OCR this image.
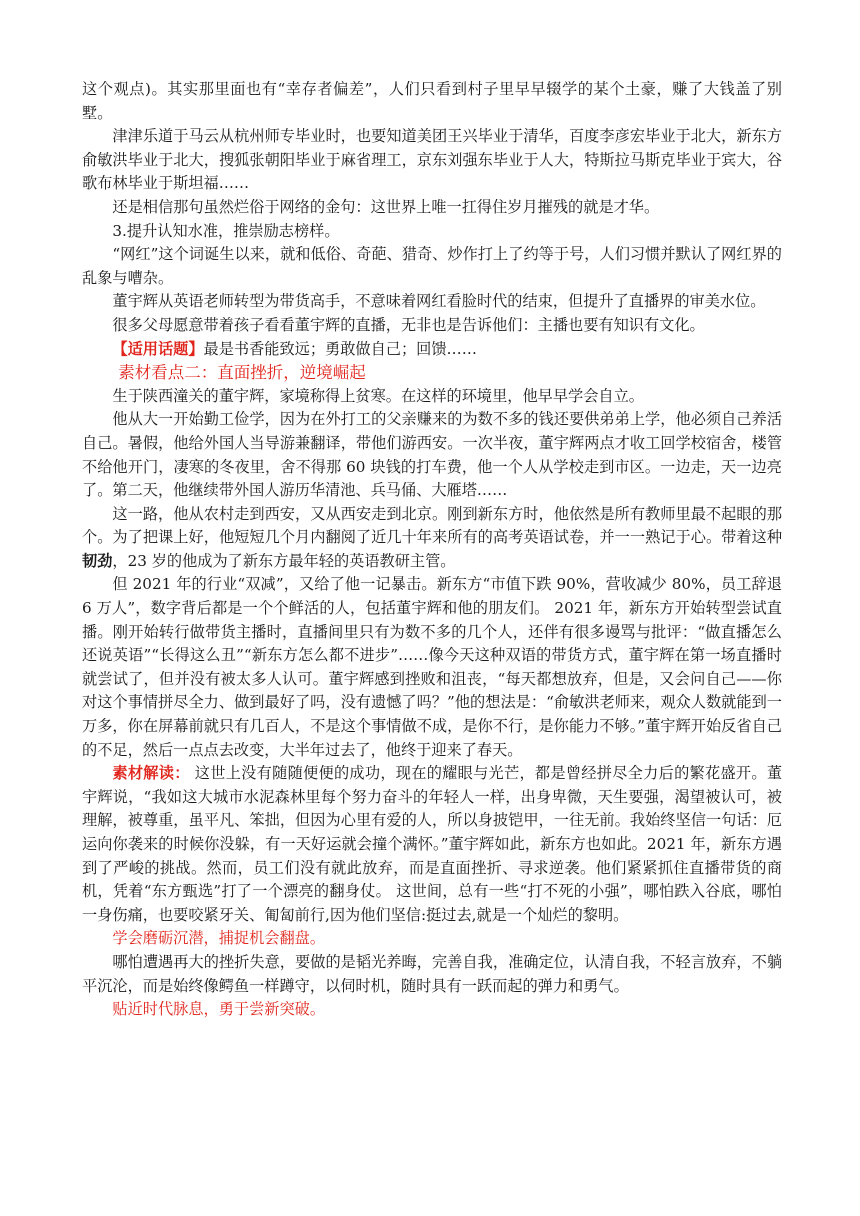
这个观点)。其实那里面也有“幸存者偏差”，人们只看到村子里早早辍学的某个土豪，赚了大钱盖了别墅。

津津乐道于马云从杭州师专毕业时，也要知道美团王兴毕业于清华，百度李彦宏毕业于北大，新东方俞敏洪毕业于北大，搜狐张朝阳毕业于麻省理工，京东刘强东毕业于人大，特斯拉马斯克毕业于宾大，谷歌布林毕业于斯坦福……

还是相信那句虽然烂俗于网络的金句：这世界上唯一扛得住岁月摧残的就是才华。

3.提升认知水准，推崇励志榜样。

“网红”这个词诞生以来，就和低俗、奇葩、猎奇、炒作打上了约等于号，人们习惯并默认了网红界的乱象与嘈杂。

董宇辉从英语老师转型为带货高手，不意味着网红看脸时代的结束，但提升了直播界的审美水位。

很多父母愿意带着孩子看看董宇辉的直播，无非也是告诉他们：主播也要有知识有文化。

【适用话题】最是书香能致远；勇敢做自己；回馈……

素材看点二：直面挫折，逆境崛起

生于陕西潼关的董宇辉，家境称得上贫寒。在这样的环境里，他早早学会自立。

他从大一开始勤工俭学，因为在外打工的父亲赚来的为数不多的钱还要供弟弟上学，他必须自己养活自己。暑假，他给外国人当导游兼翻译，带他们游西安。一次半夜，董宇辉两点才收工回学校宿舍，楼管不给他开门，凄寒的冬夜里，舍不得那 60 块钱的打车费，他一个人从学校走到市区。一边走，天一边亮了。第二天，他继续带外国人游历华清池、兵马俑、大雁塔……

这一路，他从农村走到西安，又从西安走到北京。刚到新东方时，他依然是所有教师里最不起眼的那个。为了把课上好，他短短几个月内翻阅了近几十年来所有的高考英语试卷，并一一熟记于心。带着这种韧劲，23 岁的他成为了新东方最年轻的英语教研主管。

但 2021 年的行业“双减”，又给了他一记暴击。新东方“市值下跌 90%，营收减少 80%，员工辞退 6 万人”，数字背后都是一个个鲜活的人，包括董宇辉和他的朋友们。 2021 年，新东方开始转型尝试直播。刚开始转行做带货主播时，直播间里只有为数不多的几个人，还伴有很多谩骂与批评：“做直播怎么还说英语”“长得这么丑”“新东方怎么都不进步”……像今天这种双语的带货方式，董宇辉在第一场直播时就尝试了，但并没有被太多人认可。董宇辉感到挫败和沮丧，“每天都想放弃，但是，又会问自己——你对这个事情拼尽全力、做到最好了吗，没有遗憾了吗？”他的想法是：“俞敏洪老师来，观众人数就能到一万多，你在屏幕前就只有几百人，不是这个事情做不成，是你不行，是你能力不够。”董宇辉开始反省自己的不足，然后一点点去改变，大半年过去了，他终于迎来了春天。

素材解读： 这世上没有随随便便的成功，现在的耀眼与光芒，都是曾经拼尽全力后的繁花盛开。董宇辉说，“我如这大城市水泥森林里每个努力奋斗的年轻人一样，出身卑微，天生要强，渴望被认可，被理解，被尊重，虽平凡、笨拙，但因为心里有爱的人，所以身披铠甲，一往无前。我始终坚信一句话：厄运向你袭来的时候你没躲，有一天好运就会撞个满怀。”董宇辉如此，新东方也如此。2021 年，新东方遇到了严峻的挑战。然而，员工们没有就此放弃，而是直面挫折、寻求逆袭。他们紧紧抓住直播带货的商机，凭着“东方甄选”打了一个漂亮的翻身仗。 这世间，总有一些“打不死的小强”，哪怕跌入谷底，哪怕一身伤痛，也要咬紧牙关、匍匐前行,因为他们坚信:挺过去,就是一个灿烂的黎明。

学会磨砺沉潜，捕捉机会翻盘。

哪怕遭遇再大的挫折失意，要做的是韬光养晦，完善自我，准确定位，认清自我，不轻言放弃，不躺平沉沦，而是始终像鳄鱼一样蹲守，以伺时机，随时具有一跃而起的弹力和勇气。

贴近时代脉息，勇于尝新突破。
